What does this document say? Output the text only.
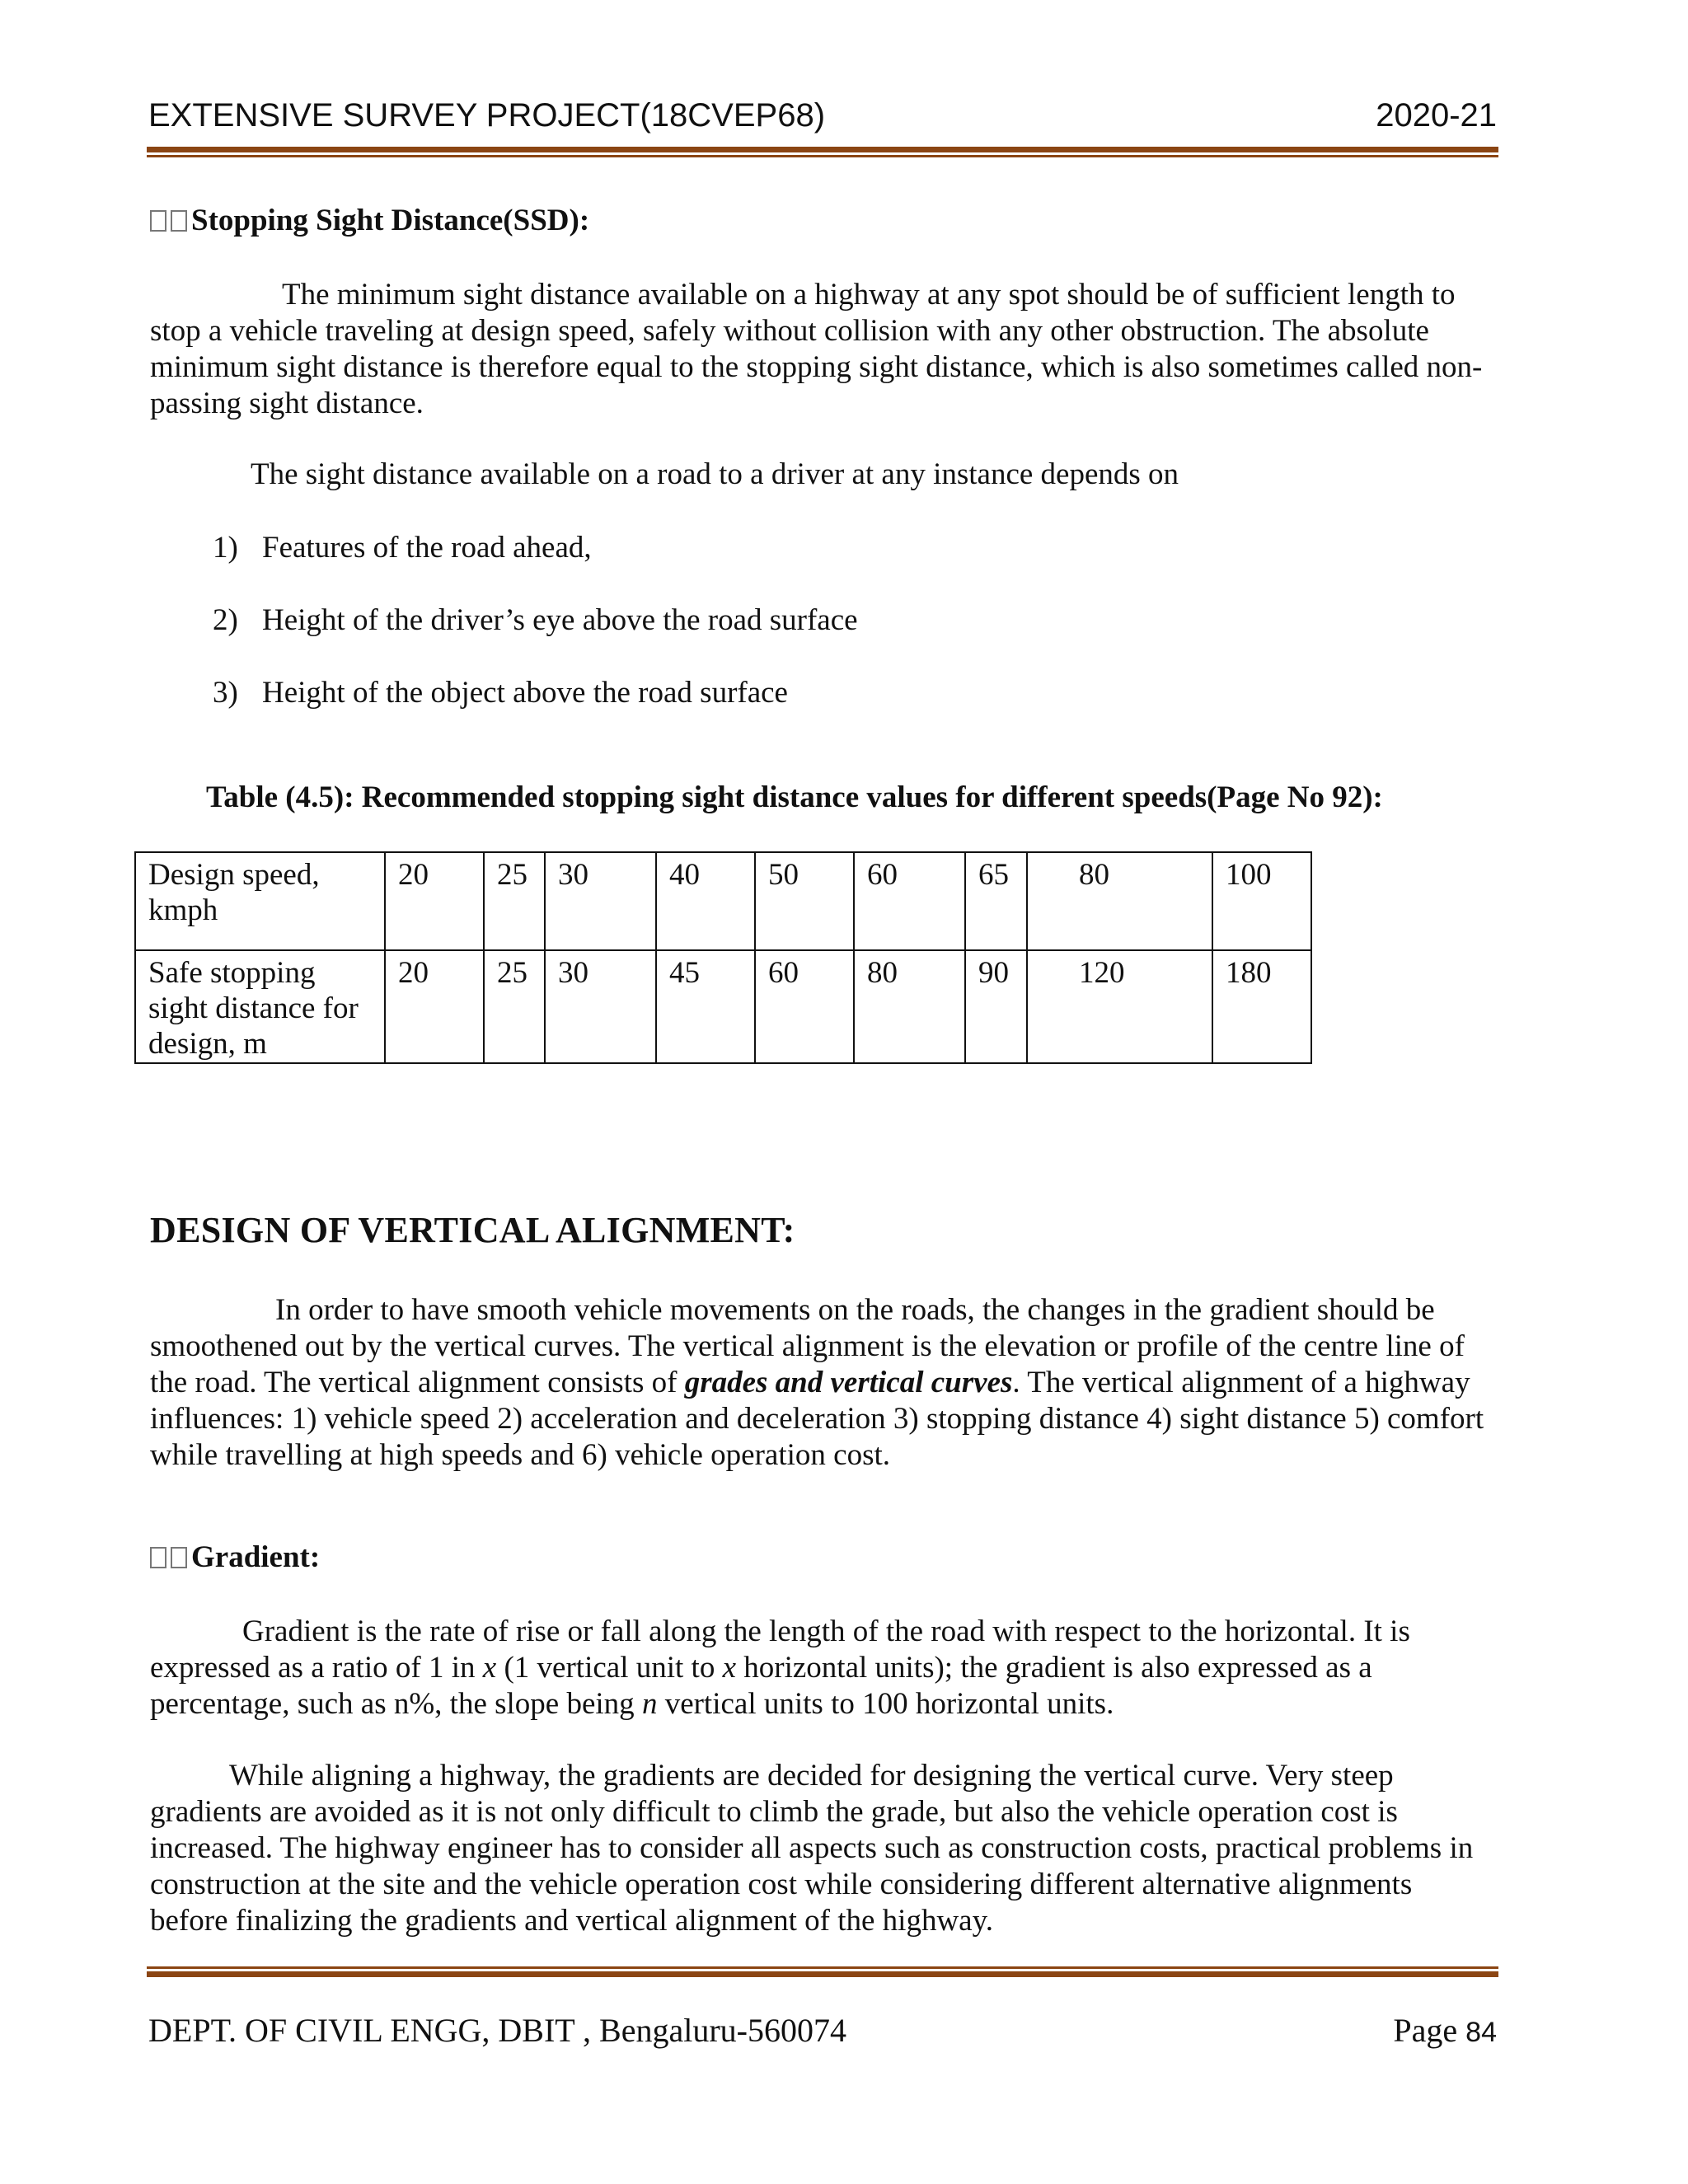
EXTENSIVE SURVEY PROJECT(18CVEP68)	2020-21
Stopping Sight Distance(SSD):
The minimum sight distance available on a highway at any spot should be of sufficient length to stop a vehicle traveling at design speed, safely without collision with any other obstruction. The absolute minimum sight distance is therefore equal to the stopping sight distance, which is also sometimes called non-passing sight distance.
The sight distance available on a road to a driver at any instance depends on
1) Features of the road ahead,
2) Height of the driver’s eye above the road surface
3) Height of the object above the road surface
Table (4.5): Recommended stopping sight distance values for different speeds(Page No 92):
Design speed, kmph	20	25	30	40	50	60	65	80	100
Safe stopping sight distance for design, m	20	25	30	45	60	80	90	120	180
DESIGN OF VERTICAL ALIGNMENT:
In order to have smooth vehicle movements on the roads, the changes in the gradient should be smoothened out by the vertical curves. The vertical alignment is the elevation or profile of the centre line of the road. The vertical alignment consists of grades and vertical curves. The vertical alignment of a highway influences: 1) vehicle speed 2) acceleration and deceleration 3) stopping distance 4) sight distance 5) comfort while travelling at high speeds and 6) vehicle operation cost.
Gradient:
Gradient is the rate of rise or fall along the length of the road with respect to the horizontal. It is expressed as a ratio of 1 in x (1 vertical unit to x horizontal units); the gradient is also expressed as a percentage, such as n%, the slope being n vertical units to 100 horizontal units.
While aligning a highway, the gradients are decided for designing the vertical curve. Very steep gradients are avoided as it is not only difficult to climb the grade, but also the vehicle operation cost is increased. The highway engineer has to consider all aspects such as construction costs, practical problems in construction at the site and the vehicle operation cost while considering different alternative alignments before finalizing the gradients and vertical alignment of the highway.
DEPT. OF CIVIL ENGG, DBIT , Bengaluru-560074	Page 84
